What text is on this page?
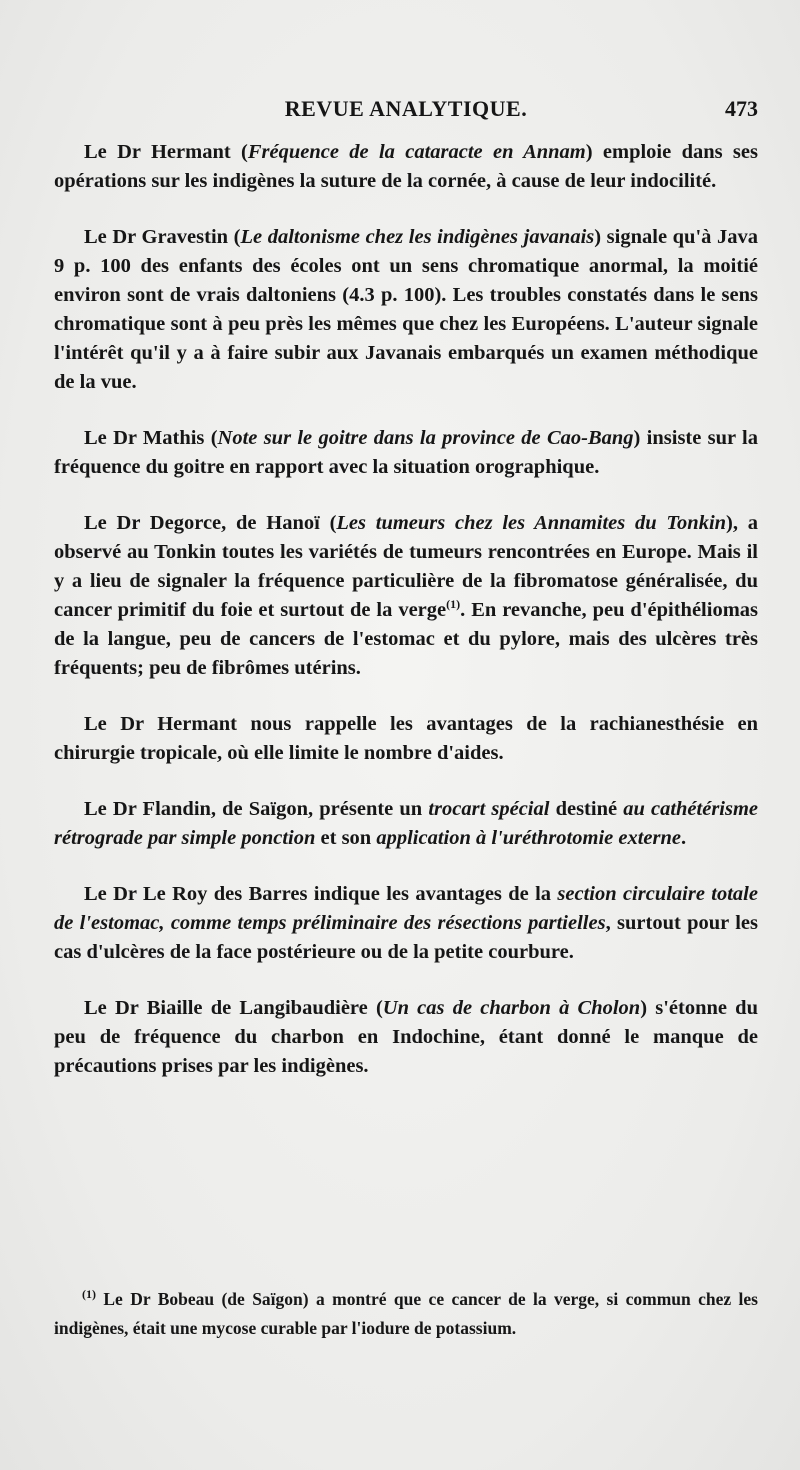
REVUE ANALYTIQUE.	473

Le Dr Hermant (Fréquence de la cataracte en Annam) emploie dans ses opérations sur les indigènes la suture de la cornée, à cause de leur indocilité.

Le Dr Gravestin (Le daltonisme chez les indigènes javanais) signale qu'à Java 9 p. 100 des enfants des écoles ont un sens chromatique anormal, la moitié environ sont de vrais daltoniens (4.3 p. 100). Les troubles constatés dans le sens chromatique sont à peu près les mêmes que chez les Européens. L'auteur signale l'intérêt qu'il y a à faire subir aux Javanais embarqués un examen méthodique de la vue.

Le Dr Mathis (Note sur le goitre dans la province de Cao-Bang) insiste sur la fréquence du goitre en rapport avec la situation orographique.

Le Dr Degorce, de Hanoï (Les tumeurs chez les Annamites du Tonkin), a observé au Tonkin toutes les variétés de tumeurs rencontrées en Europe. Mais il y a lieu de signaler la fréquence particulière de la fibromatose généralisée, du cancer primitif du foie et surtout de la verge$^{(1)}$. En revanche, peu d'épithéliomas de la langue, peu de cancers de l'estomac et du pylore, mais des ulcères très fréquents; peu de fibrômes utérins.

Le Dr Hermant nous rappelle les avantages de la rachianesthésie en chirurgie tropicale, où elle limite le nombre d'aides.

Le Dr Flandin, de Saïgon, présente un trocart spécial destiné au cathétérisme rétrograde par simple ponction et son application à l'uréthrotomie externe.

Le Dr Le Roy des Barres indique les avantages de la section circulaire totale de l'estomac, comme temps préliminaire des résections partielles, surtout pour les cas d'ulcères de la face postérieure ou de la petite courbure.

Le Dr Biaille de Langibaudière (Un cas de charbon à Cholon) s'étonne du peu de fréquence du charbon en Indochine, étant donné le manque de précautions prises par les indigènes.

$^{(1)}$ Le Dr Bobeau (de Saïgon) a montré que ce cancer de la verge, si commun chez les indigènes, était une mycose curable par l'iodure de potassium.
